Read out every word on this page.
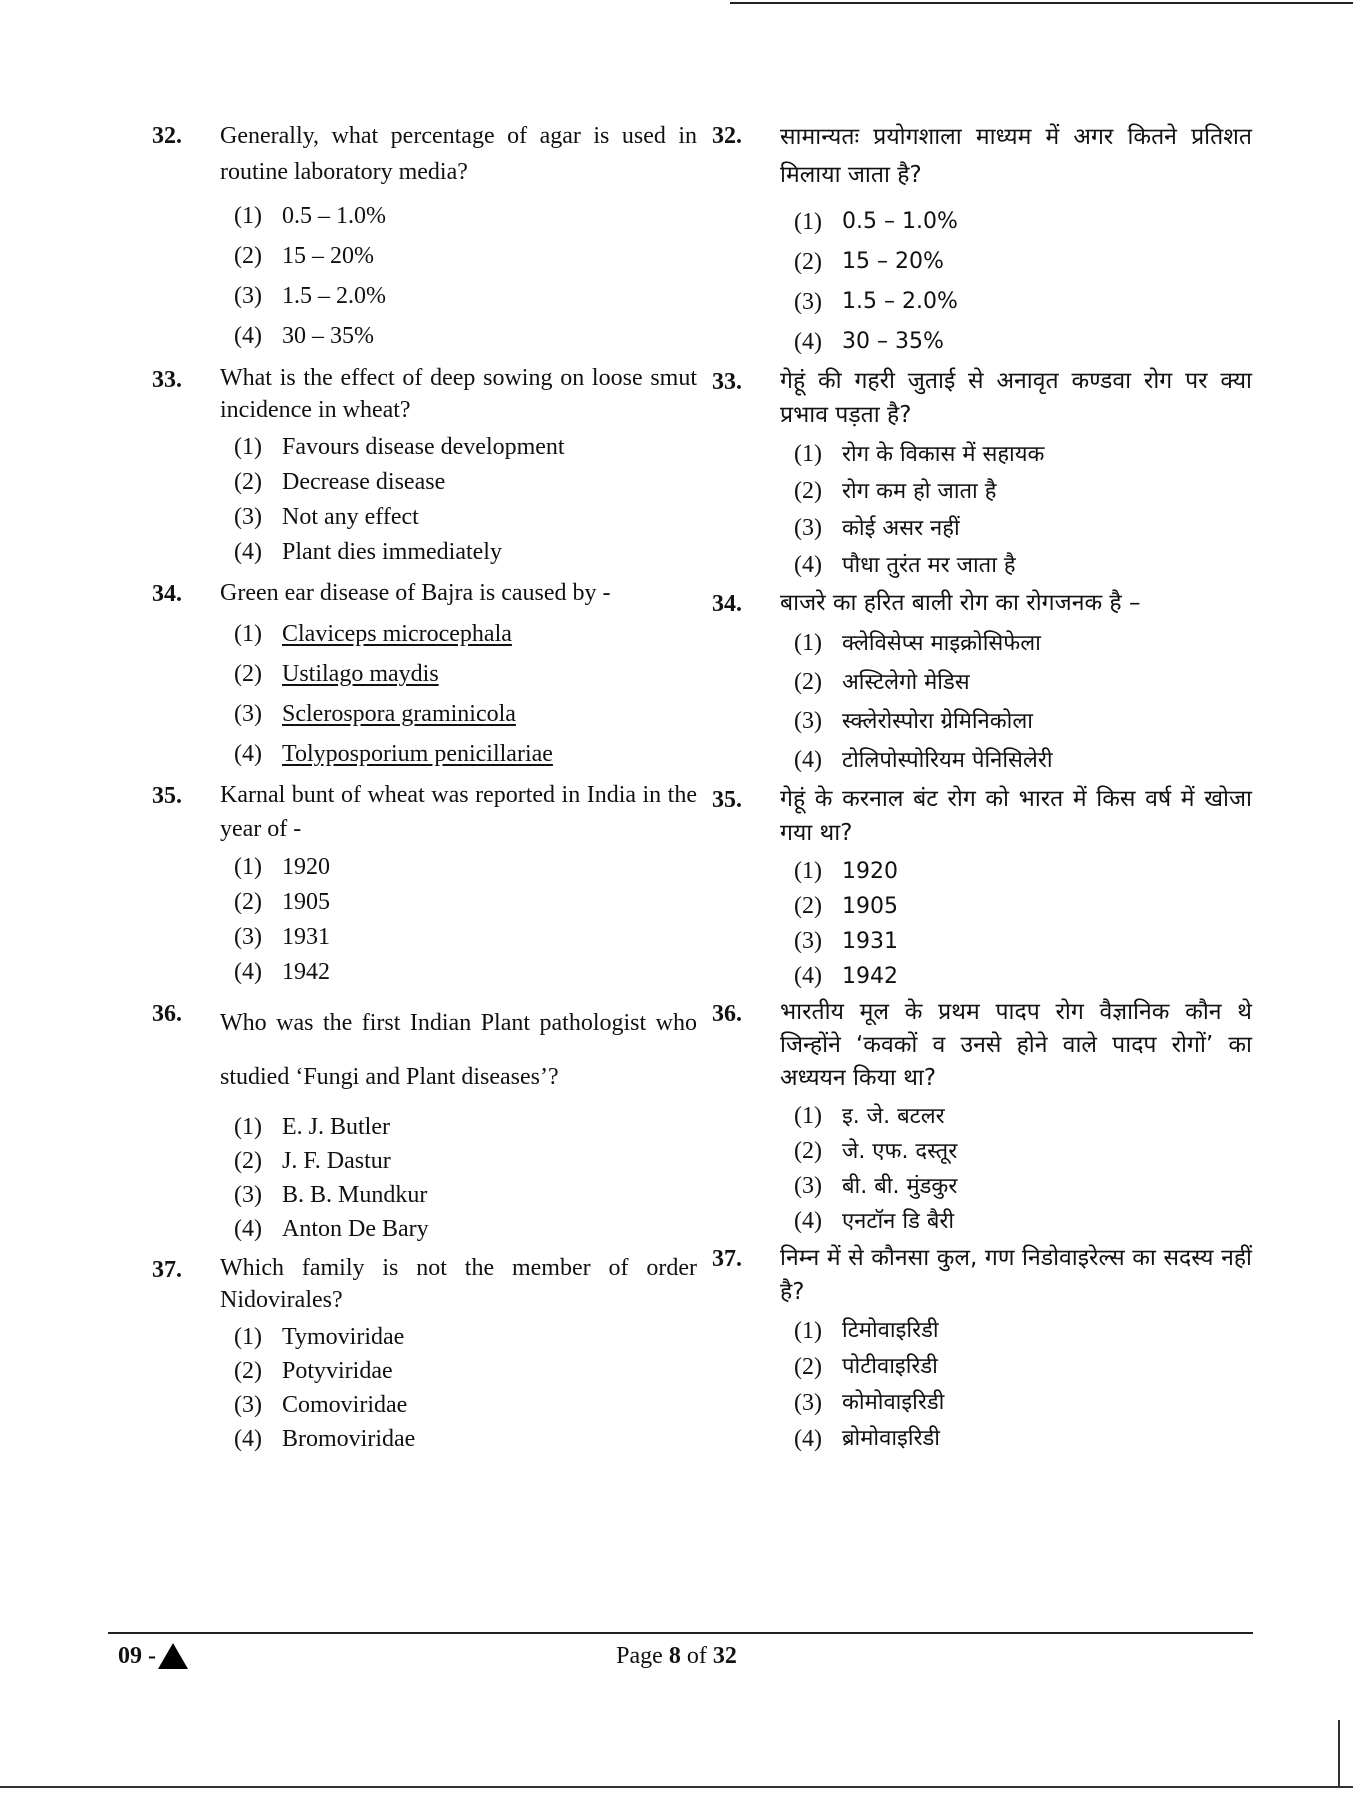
32. Generally, what percentage of agar is used in routine laboratory media?
(1) 0.5 – 1.0%
(2) 15 – 20%
(3) 1.5 – 2.0%
(4) 30 – 35%
33. What is the effect of deep sowing on loose smut incidence in wheat?
(1) Favours disease development
(2) Decrease disease
(3) Not any effect
(4) Plant dies immediately
34. Green ear disease of Bajra is caused by -
(1) Claviceps microcephala
(2) Ustilago maydis
(3) Sclerospora graminicola
(4) Tolyposporium penicillariae
35. Karnal bunt of wheat was reported in India in the year of -
(1) 1920
(2) 1905
(3) 1931
(4) 1942
36. Who was the first Indian Plant pathologist who studied ‘Fungi and Plant diseases’?
(1) E. J. Butler
(2) J. F. Dastur
(3) B. B. Mundkur
(4) Anton De Bary
37. Which family is not the member of order Nidovirales?
(1) Tymoviridae
(2) Potyviridae
(3) Comoviridae
(4) Bromoviridae
32. सामान्यतः प्रयोगशाला माध्यम में अगर कितने प्रतिशत मिलाया जाता है?
(1) 0.5 – 1.0%
(2) 15 – 20%
(3) 1.5 – 2.0%
(4) 30 – 35%
33. गेहूं की गहरी जुताई से अनावृत कण्डवा रोग पर क्या प्रभाव पड़ता है?
(1) रोग के विकास में सहायक
(2) रोग कम हो जाता है
(3) कोई असर नहीं
(4) पौधा तुरंत मर जाता है
34. बाजरे का हरित बाली रोग का रोगजनक है –
(1) क्लेविसेप्स माइक्रोसिफेला
(2) अस्टिलेगो मेडिस
(3) स्क्लेरोस्पोरा ग्रेमिनिकोला
(4) टोलिपोस्पोरियम पेनिसिलेरी
35. गेहूं के करनाल बंट रोग को भारत में किस वर्ष में खोजा गया था?
(1) 1920
(2) 1905
(3) 1931
(4) 1942
36. भारतीय मूल के प्रथम पादप रोग वैज्ञानिक कौन थे जिन्होंने ‘कवकों व उनसे होने वाले पादप रोगों’ का अध्ययन किया था?
(1) इ. जे. बटलर
(2) जे. एफ. दस्तूर
(3) बी. बी. मुंडकुर
(4) एनटॉन डि बैरी
37. निम्न में से कौनसा कुल, गण निडोवाइरेल्स का सदस्य नहीं है?
(1) टिमोवाइरिडी
(2) पोटीवाइरिडी
(3) कोमोवाइरिडी
(4) ब्रोमोवाइरिडी
09 -	Page 8 of 32
